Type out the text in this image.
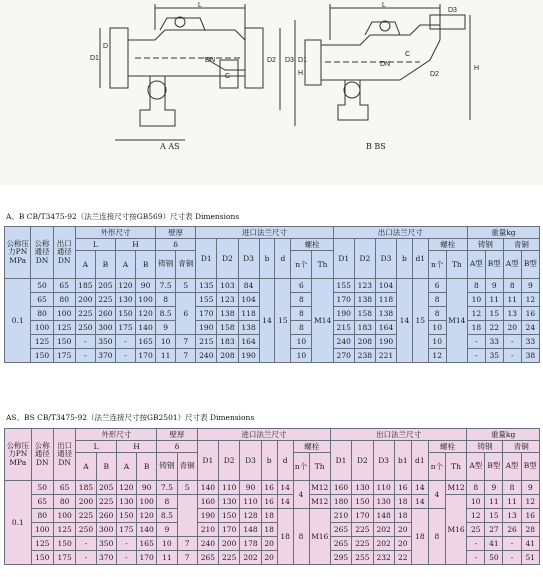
L
H
DN
D1	D2 D3
C
D
L
H
DN
D1
D2
D3
C
A AS	B BS
A、B CB/T3475-92（法兰连接尺寸按GB569）尺寸表 Dimensions
公称压力PN MPa	公称通径DN	出口通径DN	外形尺寸				壁厚		进口法兰尺寸							出口法兰尺寸							重量kg			
			L		H		δ		D1	D2	D3	b	d	螺栓		D1	D2	D3	b	d1	螺栓		铸钢		青铜	
			A	B	A	B	铸钢	青铜						n个	Th						n个	Th	A型	B型	A型	B型
0.1	50	65	185	205	120	90	7.5	5	135	103	84	14	15	6	M14	155	123	104	14	15	6	M14	8	9	8	9
	65	80	200	225	130	100	8	6	155	123	104			8		170	138	118			8		10	11	11	12
	80	100	225	260	150	120	8.5		170	138	118			8		190	158	138			8		12	15	13	16
	100	125	250	300	175	140	9		190	158	138			8		215	183	164			10		18	22	20	24
	125	150	-	350	-	165	10	7	215	183	164			10		240	208	190			10		-	33	-	33
	150	175	-	370	-	170	11	7	240	208	190			10		270	238	221			12		-	35	-	38
AS、BS CB/T3475-92（法兰连接尺寸按GB2501）尺寸表 Dimensions
公称压力PN MPa	公称通径DN	出口通径DN	外形尺寸				壁厚		进口法兰尺寸							出口法兰尺寸							重量kg			
			L		H		δ		D1	D2	D3	b	d	螺栓		D1	D2	D3	b1	d1	螺栓		铸钢		青铜	
			A	B	A	B	铸钢	青铜						n个	Th						n个	Th	A型	B型	A型	B型
0.1	50	65	185	205	120	90	7.5	5	140	110	90	16	14	4	M12	160	130	110	16	14	4	M12	8	9	8	9
	65	80	200	225	130	100	8		160	130	110	16	14		M12	180	150	130	18	14		M16	10	11	11	12
	80	100	225	260	150	120	8.5		190	150	128	18	18	8	M16	210	170	148	18	18	8		12	15	13	16
	100	125	250	300	175	140	9		210	170	148	18				265	225	202	20				25	27	26	28
	125	150	-	350	-	165	10	7	240	200	178	20				265	225	202	20				-	41	-	41
	150	175	-	370	-	170	11	7	265	225	202	20				295	255	232	22				-	50	-	51
